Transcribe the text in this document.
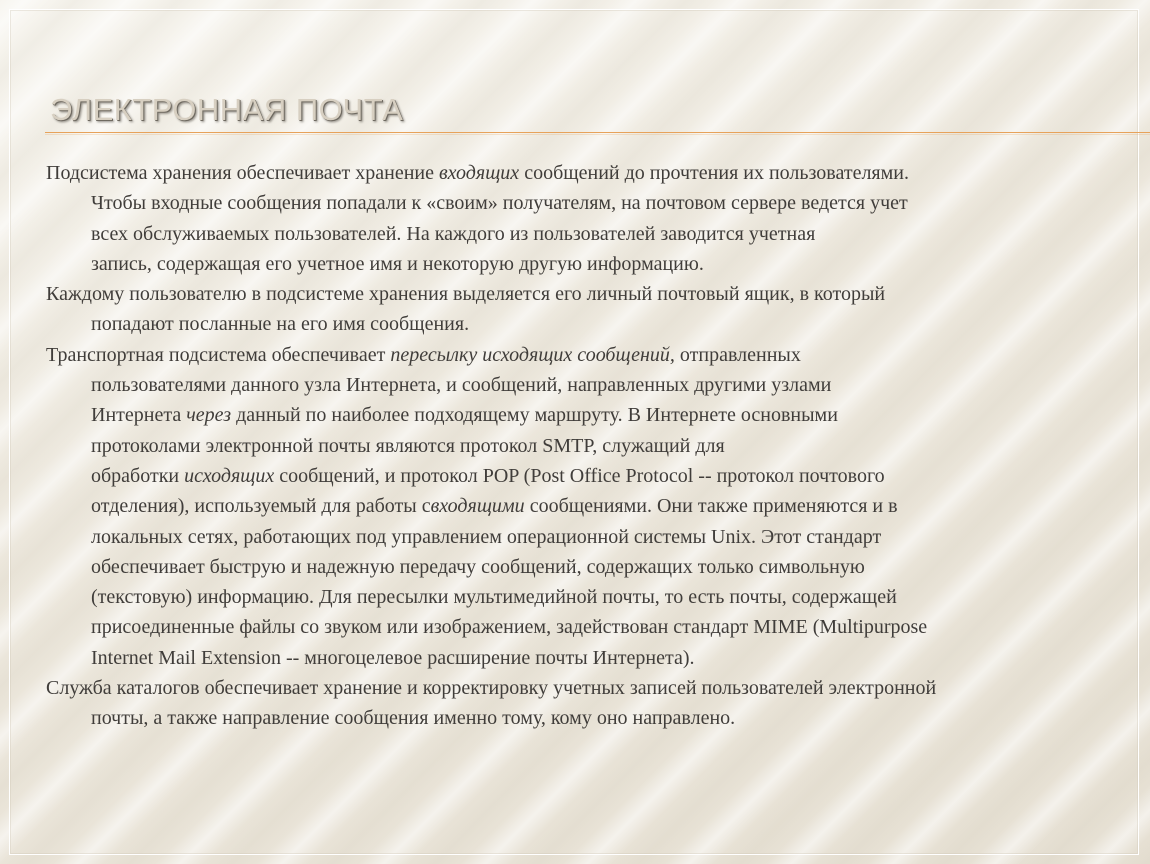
ЭЛЕКТРОННАЯ ПОЧТА
Подсистема хранения обеспечивает хранение входящих сообщений до прочтения их пользователями.
Чтобы входные сообщения попадали к «своим» получателям, на почтовом сервере ведется учет
всех обслуживаемых пользователей. На каждого из пользователей заводится учетная
запись, содержащая его учетное имя и некоторую другую информацию.
Каждому пользователю в подсистеме хранения выделяется его личный почтовый ящик, в который
попадают посланные на его имя сообщения.
Транспортная подсистема обеспечивает пересылку исходящих сообщений, отправленных
пользователями данного узла Интернета, и сообщений, направленных другими узлами
Интернета через данный по наиболее подходящему маршруту. В Интернете основными
протоколами электронной почты являются протокол SMTP, служащий для
обработки исходящих сообщений, и протокол POP (Post Office Protocol -- протокол почтового
отделения), используемый для работы свходящими сообщениями. Они также применяются и в
локальных сетях, работающих под управлением операционной системы Unix. Этот стандарт
обеспечивает быструю и надежную передачу сообщений, содержащих только символьную
(текстовую) информацию. Для пересылки мультимедийной почты, то есть почты, содержащей
присоединенные файлы со звуком или изображением, задействован стандарт MIME (Multipurpose
Internet Mail Extension -- многоцелевое расширение почты Интернета).
Служба каталогов обеспечивает хранение и корректировку учетных записей пользователей электронной
почты, а также направление сообщения именно тому, кому оно направлено.
